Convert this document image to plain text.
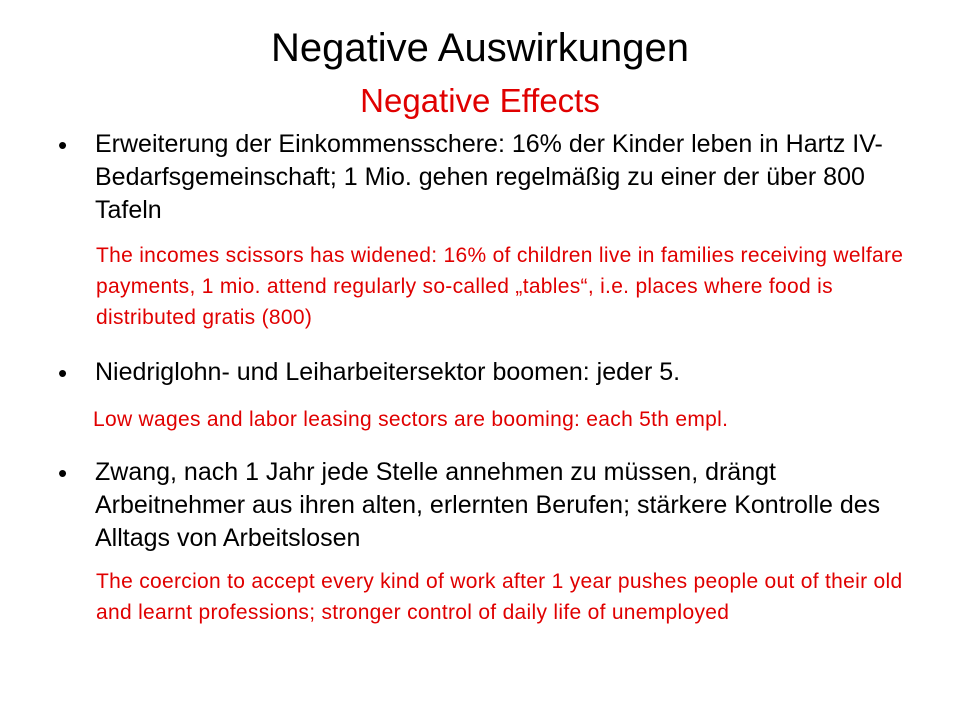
Negative Auswirkungen
Negative Effects
• Erweiterung der Einkommensschere: 16% der Kinder leben in Hartz IV-Bedarfsgemeinschaft; 1 Mio. gehen regelmäßig zu einer der über 800 Tafeln
The incomes scissors has widened: 16% of children live in families receiving welfare payments, 1 mio. attend regularly so-called „tables“, i.e. places where food is distributed gratis (800)
• Niedriglohn- und Leiharbeitersektor boomen: jeder 5.
Low wages and labor leasing sectors are booming: each 5th empl.
• Zwang, nach 1 Jahr jede Stelle annehmen zu müssen, drängt Arbeitnehmer aus ihren alten, erlernten Berufen; stärkere Kontrolle des Alltags von Arbeitslosen
The coercion to accept every kind of work after 1 year pushes people out of their old and learnt professions; stronger control of daily life of unemployed
